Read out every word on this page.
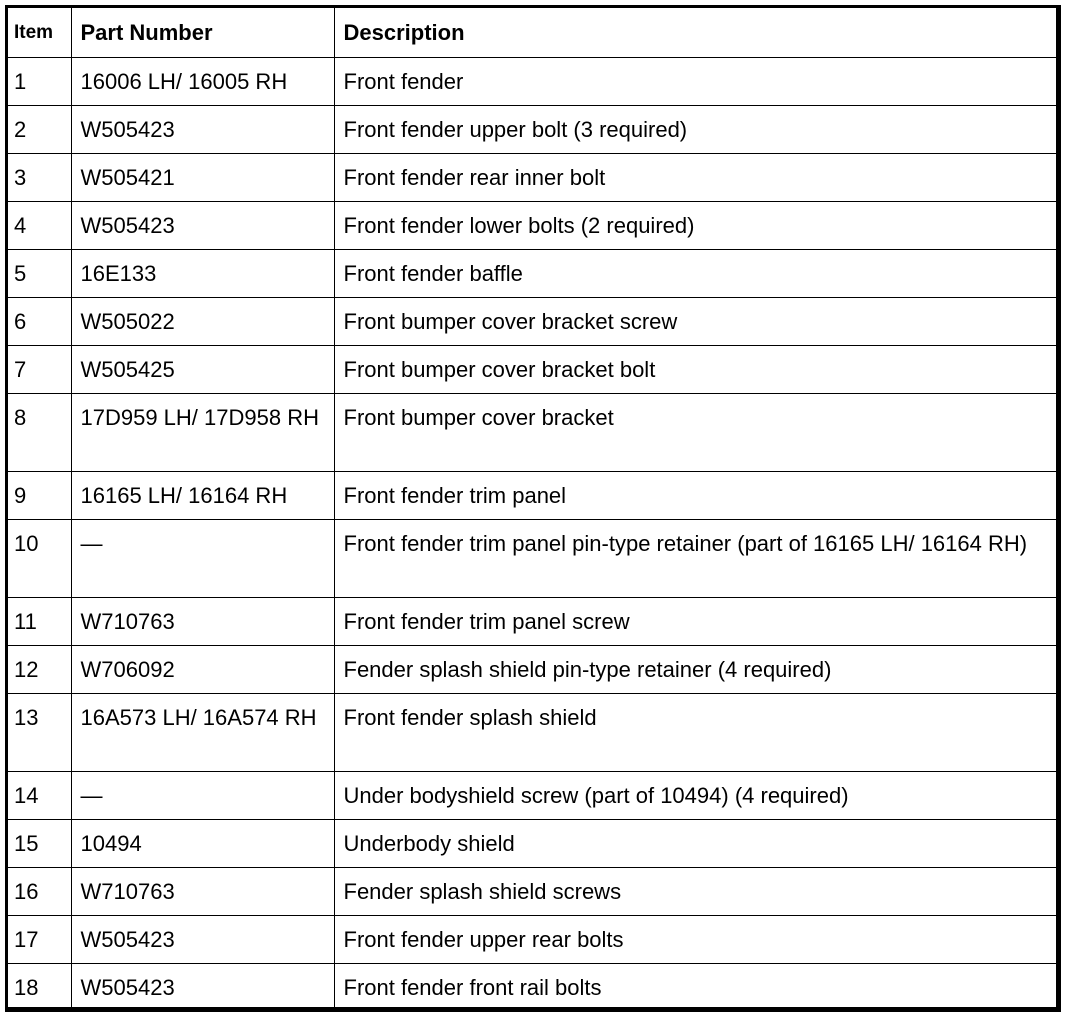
Item	Part Number	Description
1	16006 LH/ 16005 RH	Front fender
2	W505423	Front fender upper bolt (3 required)
3	W505421	Front fender rear inner bolt
4	W505423	Front fender lower bolts (2 required)
5	16E133	Front fender baffle
6	W505022	Front bumper cover bracket screw
7	W505425	Front bumper cover bracket bolt
8	17D959 LH/ 17D958 RH	Front bumper cover bracket
9	16165 LH/ 16164 RH	Front fender trim panel
10	—	Front fender trim panel pin-type retainer (part of 16165 LH/ 16164 RH)
11	W710763	Front fender trim panel screw
12	W706092	Fender splash shield pin-type retainer (4 required)
13	16A573 LH/ 16A574 RH	Front fender splash shield
14	—	Under bodyshield screw (part of 10494) (4 required)
15	10494	Underbody shield
16	W710763	Fender splash shield screws
17	W505423	Front fender upper rear bolts
18	W505423	Front fender front rail bolts
